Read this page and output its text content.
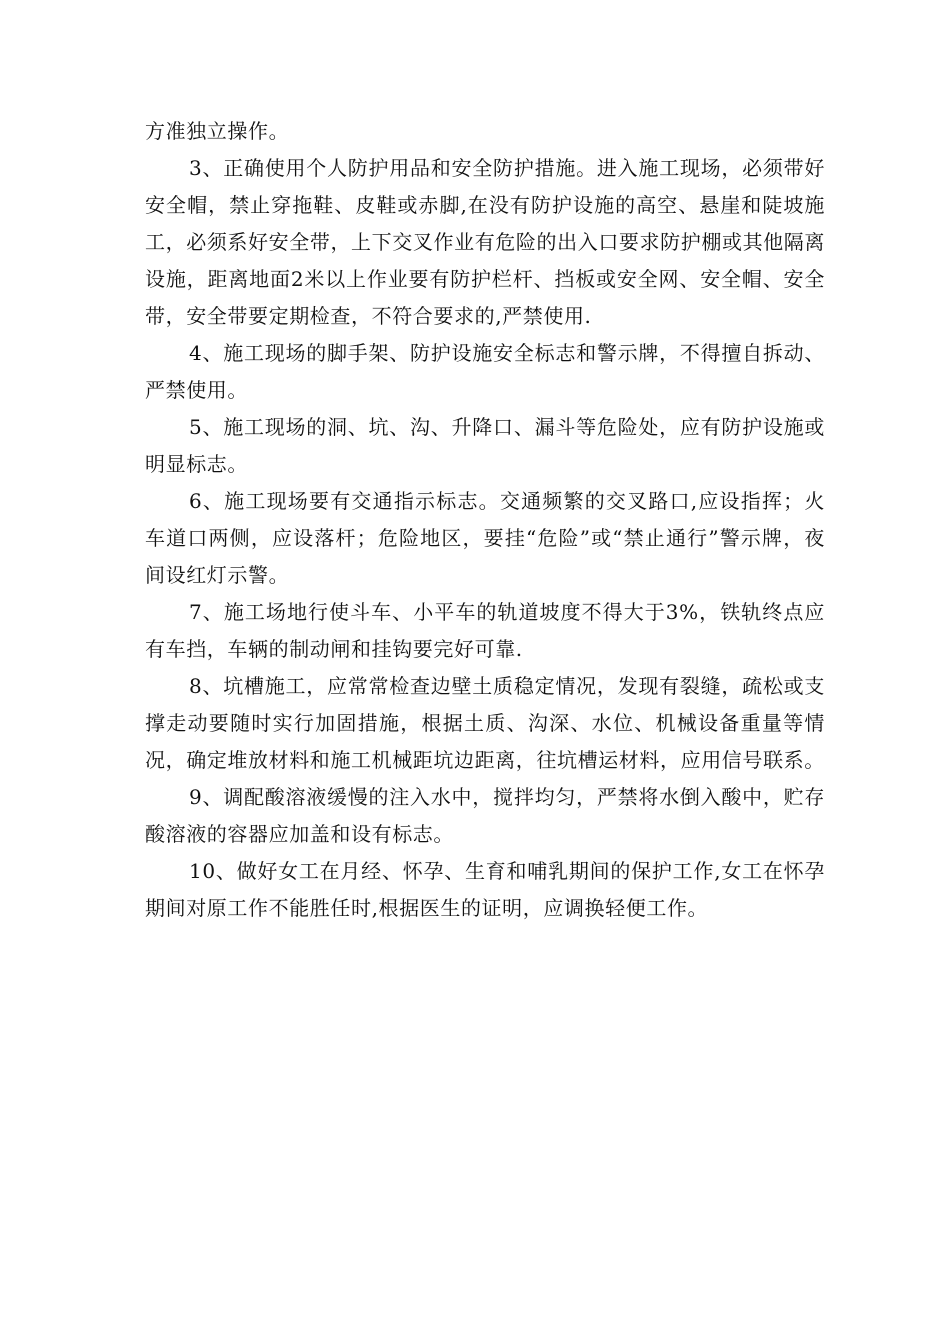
方准独立操作。

3、正确使用个人防护用品和安全防护措施。进入施工现场，必须带好安全帽，禁止穿拖鞋、皮鞋或赤脚,在没有防护设施的高空、悬崖和陡坡施工，必须系好安全带，上下交叉作业有危险的出入口要求防护棚或其他隔离设施，距离地面2米以上作业要有防护栏杆、挡板或安全网、安全帽、安全带，安全带要定期检查，不符合要求的,严禁使用.

4、施工现场的脚手架、防护设施安全标志和警示牌，不得擅自拆动、严禁使用。

5、施工现场的洞、坑、沟、升降口、漏斗等危险处，应有防护设施或明显标志。

6、施工现场要有交通指示标志。交通频繁的交叉路口,应设指挥；火车道口两侧，应设落杆；危险地区，要挂“危险”或“禁止通行”警示牌，夜间设红灯示警。

7、施工场地行使斗车、小平车的轨道坡度不得大于3%，铁轨终点应有车挡，车辆的制动闸和挂钩要完好可靠.

8、坑槽施工，应常常检查边壁土质稳定情况，发现有裂缝，疏松或支撑走动要随时实行加固措施，根据土质、沟深、水位、机械设备重量等情况，确定堆放材料和施工机械距坑边距离，往坑槽运材料，应用信号联系。

9、调配酸溶液缓慢的注入水中，搅拌均匀，严禁将水倒入酸中，贮存酸溶液的容器应加盖和设有标志。

10、做好女工在月经、怀孕、生育和哺乳期间的保护工作,女工在怀孕期间对原工作不能胜任时,根据医生的证明，应调换轻便工作。
